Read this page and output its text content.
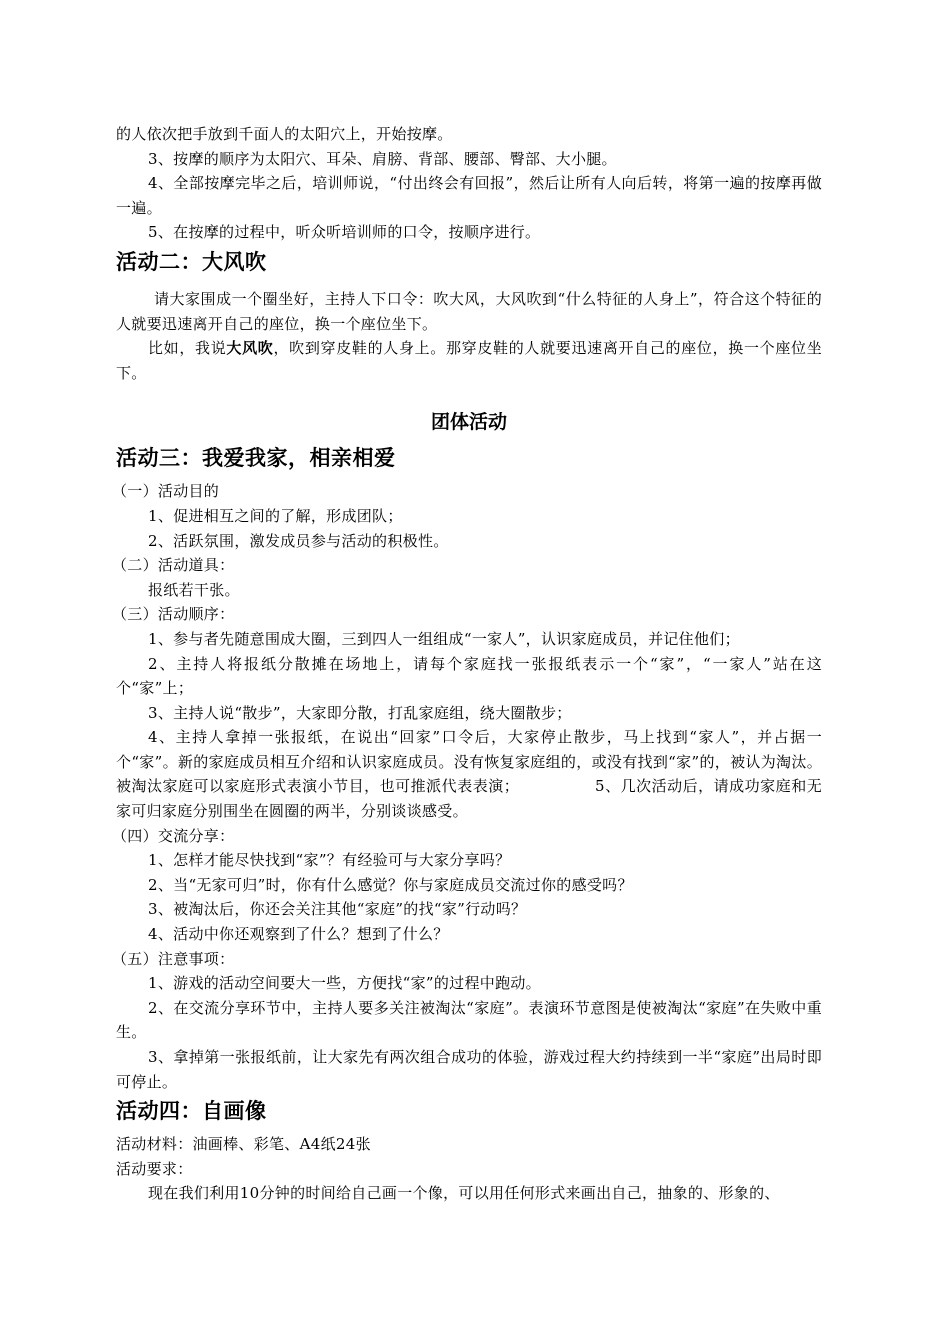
的人依次把手放到千面人的太阳穴上，开始按摩。

3、按摩的顺序为太阳穴、耳朵、肩膀、背部、腰部、臀部、大小腿。

4、全部按摩完毕之后，培训师说，“付出终会有回报”，然后让所有人向后转，将第一遍的按摩再做一遍。

5、在按摩的过程中，听众听培训师的口令，按顺序进行。

活动二：大风吹

请大家围成一个圈坐好，主持人下口令：吹大风，大风吹到“什么特征的人身上”，符合这个特征的人就要迅速离开自己的座位，换一个座位坐下。

比如，我说大风吹，吹到穿皮鞋的人身上。那穿皮鞋的人就要迅速离开自己的座位，换一个座位坐下。

团体活动
活动三：我爱我家，相亲相爱

（一）活动目的

1、促进相互之间的了解，形成团队；

2、活跃氛围，激发成员参与活动的积极性。

（二）活动道具：

报纸若干张。

（三）活动顺序：

1、参与者先随意围成大圈，三到四人一组组成“一家人”，认识家庭成员，并记住他们；

2、主持人将报纸分散摊在场地上，请每个家庭找一张报纸表示一个“家”，“一家人”站在这个“家”上；

3、主持人说“散步”，大家即分散，打乱家庭组，绕大圈散步；

4、主持人拿掉一张报纸，在说出“回家”口令后，大家停止散步，马上找到“家人”，并占据一个“家”。新的家庭成员相互介绍和认识家庭成员。没有恢复家庭组的，或没有找到“家”的，被认为淘汰。被淘汰家庭可以家庭形式表演小节目，也可推派代表表演；	5、几次活动后，请成功家庭和无家可归家庭分别围坐在圆圈的两半，分别谈谈感受。

（四）交流分享：

1、怎样才能尽快找到“家”？有经验可与大家分享吗？

2、当“无家可归”时，你有什么感觉？你与家庭成员交流过你的感受吗？

3、被淘汰后，你还会关注其他“家庭”的找“家”行动吗？

4、活动中你还观察到了什么？想到了什么？

（五）注意事项：

1、游戏的活动空间要大一些，方便找“家”的过程中跑动。

2、在交流分享环节中，主持人要多关注被淘汰“家庭”。表演环节意图是使被淘汰“家庭”在失败中重生。

3、拿掉第一张报纸前，让大家先有两次组合成功的体验，游戏过程大约持续到一半“家庭”出局时即可停止。

活动四：自画像

活动材料：油画棒、彩笔、A4纸24张

活动要求：

现在我们利用10分钟的时间给自己画一个像，可以用任何形式来画出自己，抽象的、形象的、
